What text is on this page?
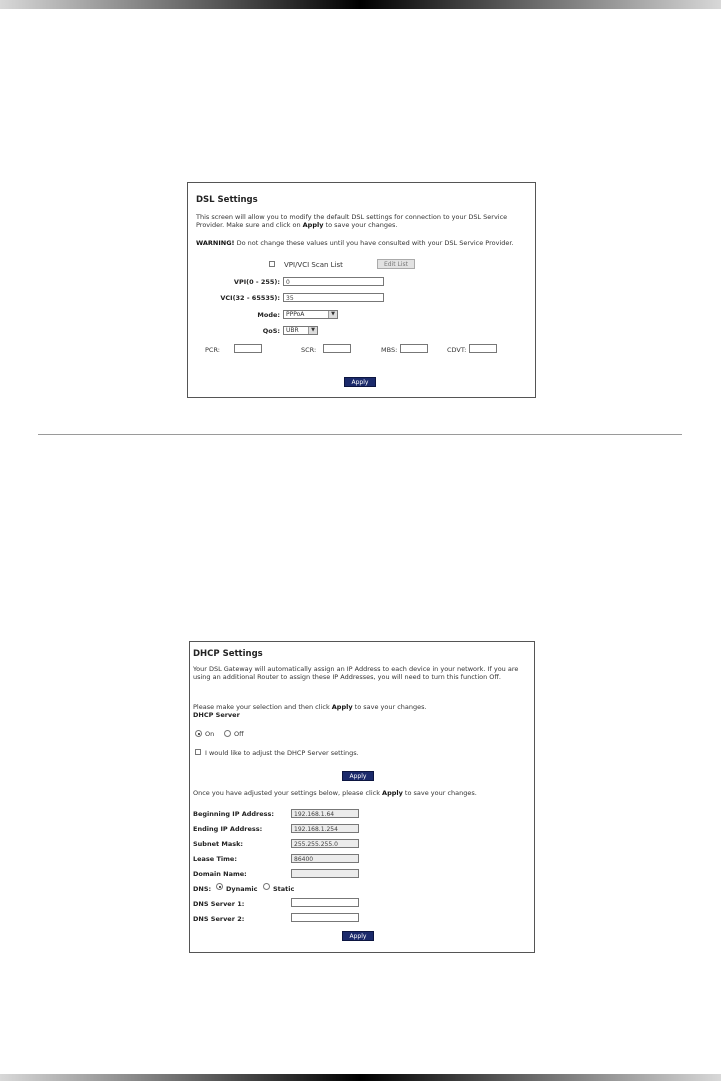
DSL Settings
This screen will allow you to modify the default DSL settings for connection to your DSL Service Provider. Make sure and click on Apply to save your changes.
WARNING! Do not change these values until you have consulted with your DSL Service Provider.
VPI/VCI Scan List	Edit List
VPI(0 - 255):	0
VCI(32 - 65535):	35
Mode:	PPPoA	▼
QoS:	UBR	▼
PCR:	SCR:	MBS:	CDVT:
Apply
DHCP Settings
Your DSL Gateway will automatically assign an IP Address to each device in your network. If you are using an additional Router to assign these IP Addresses, you will need to turn this function Off.
Please make your selection and then click Apply to save your changes.
DHCP Server
On	Off
I would like to adjust the DHCP Server settings.
Apply
Once you have adjusted your settings below, please click Apply to save your changes.
Beginning IP Address:	192.168.1.64
Ending IP Address:	192.168.1.254
Subnet Mask:	255.255.255.0
Lease Time:	86400
Domain Name:
DNS: Dynamic Static
DNS Server 1:
DNS Server 2:
Apply
